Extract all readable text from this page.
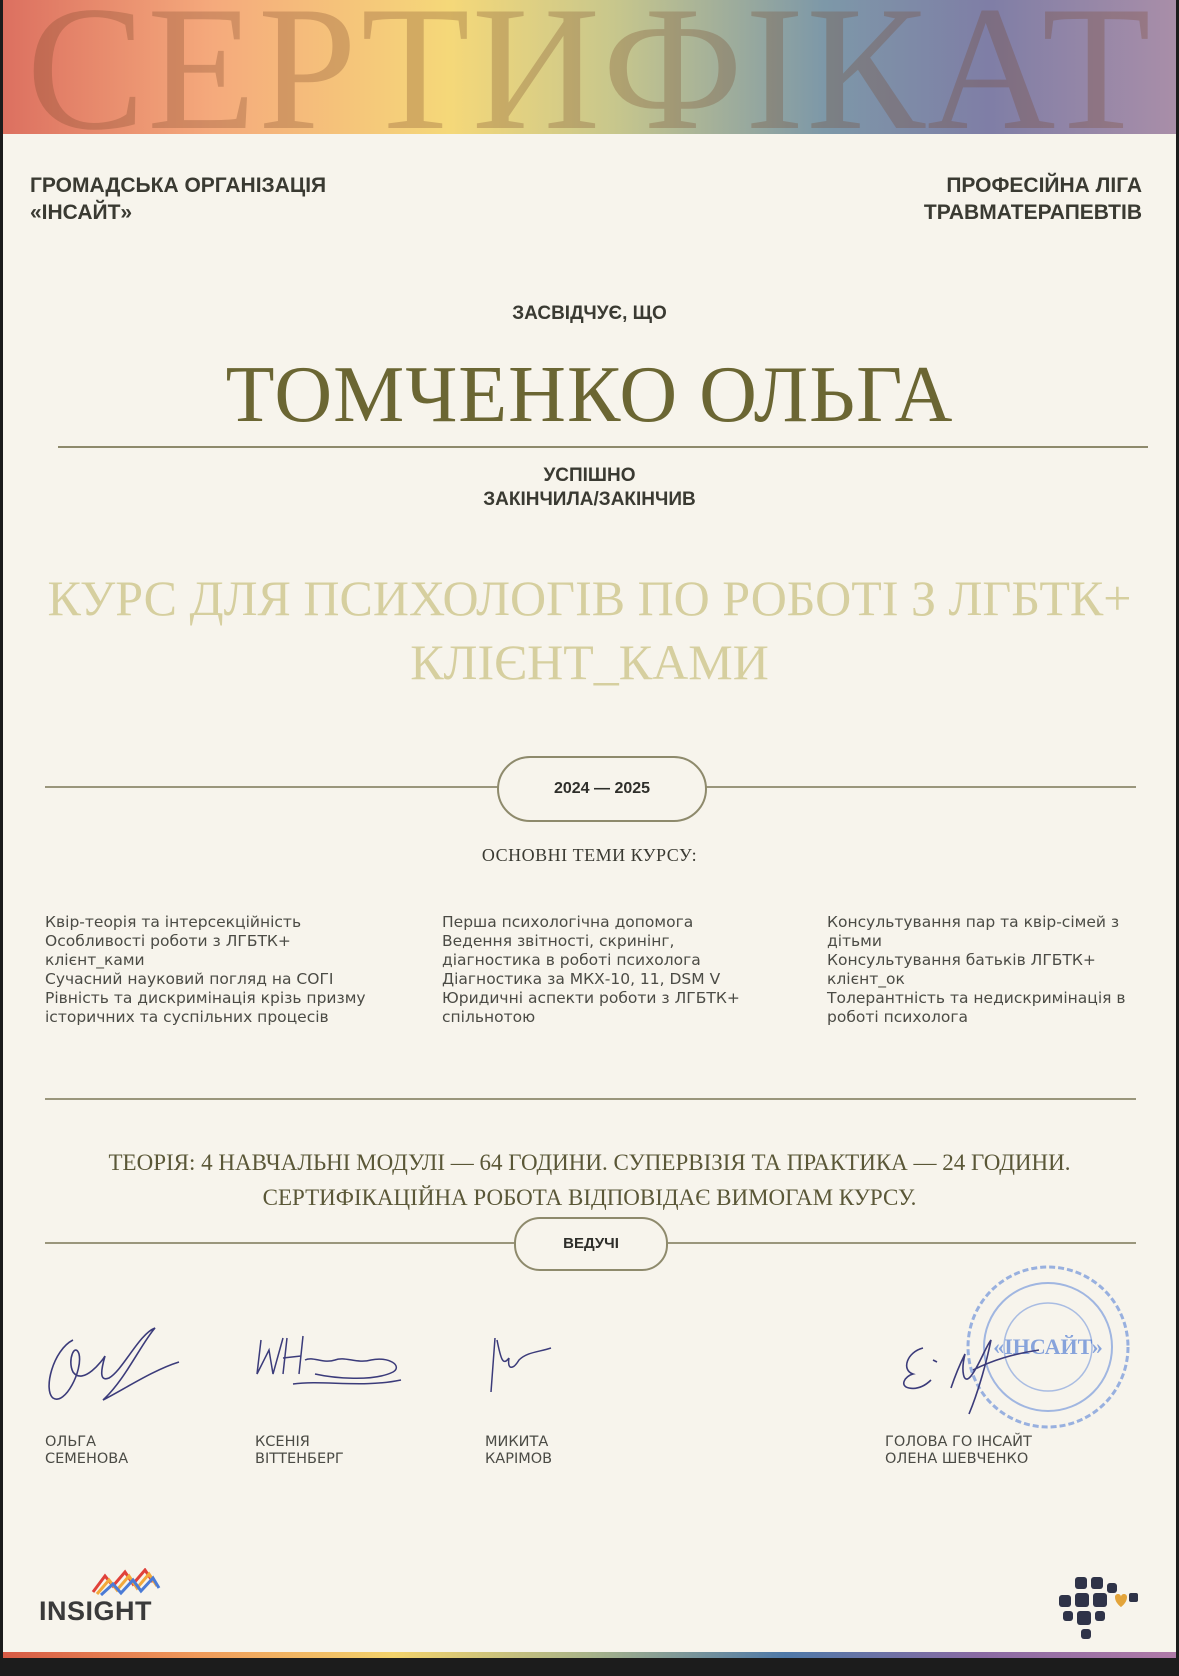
СЕРТИФІКАТ
ГРОМАДСЬКА ОРГАНІЗАЦІЯ
«ІНСАЙТ»
ПРОФЕСІЙНА ЛІГА
ТРАВМАТЕРАПЕВТІВ
ЗАСВІДЧУЄ, ЩО
ТОМЧЕНКО ОЛЬГА
УСПІШНО
ЗАКІНЧИЛА/ЗАКІНЧИВ
КУРС ДЛЯ ПСИХОЛОГІВ ПО РОБОТІ З ЛГБТК+
КЛІЄНТ_КАМИ
2024 — 2025
ОСНОВНІ ТЕМИ КУРСУ:
Квір-теорія та інтерсекційність
Особливості роботи з ЛГБТК+
клієнт_ками
Сучасний науковий погляд на СОГІ
Рівність та дискримінація крізь призму
історичних та суспільних процесів
Перша психологічна допомога
Ведення звітності, скринінг,
діагностика в роботі психолога
Діагностика за МКХ-10, 11, DSM V
Юридичні аспекти роботи з ЛГБТК+
спільнотою
Консультування пар та квір-сімей з
дітьми
Консультування батьків ЛГБТК+
клієнт_ок
Толерантність та недискримінація в
роботі психолога
ТЕОРІЯ: 4 НАВЧАЛЬНІ МОДУЛІ — 64 ГОДИНИ. СУПЕРВІЗІЯ ТА ПРАКТИКА — 24 ГОДИНИ.
СЕРТИФІКАЦІЙНА РОБОТА ВІДПОВІДАЄ ВИМОГАМ КУРСУ.
ВЕДУЧІ
«ІНСАЙТ»
ОЛЬГА
СЕМЕНОВА
КСЕНІЯ
ВІТТЕНБЕРГ
МИКИТА
КАРІМОВ
ГОЛОВА ГО ІНСАЙТ
ОЛЕНА ШЕВЧЕНКО
INSIGHT
